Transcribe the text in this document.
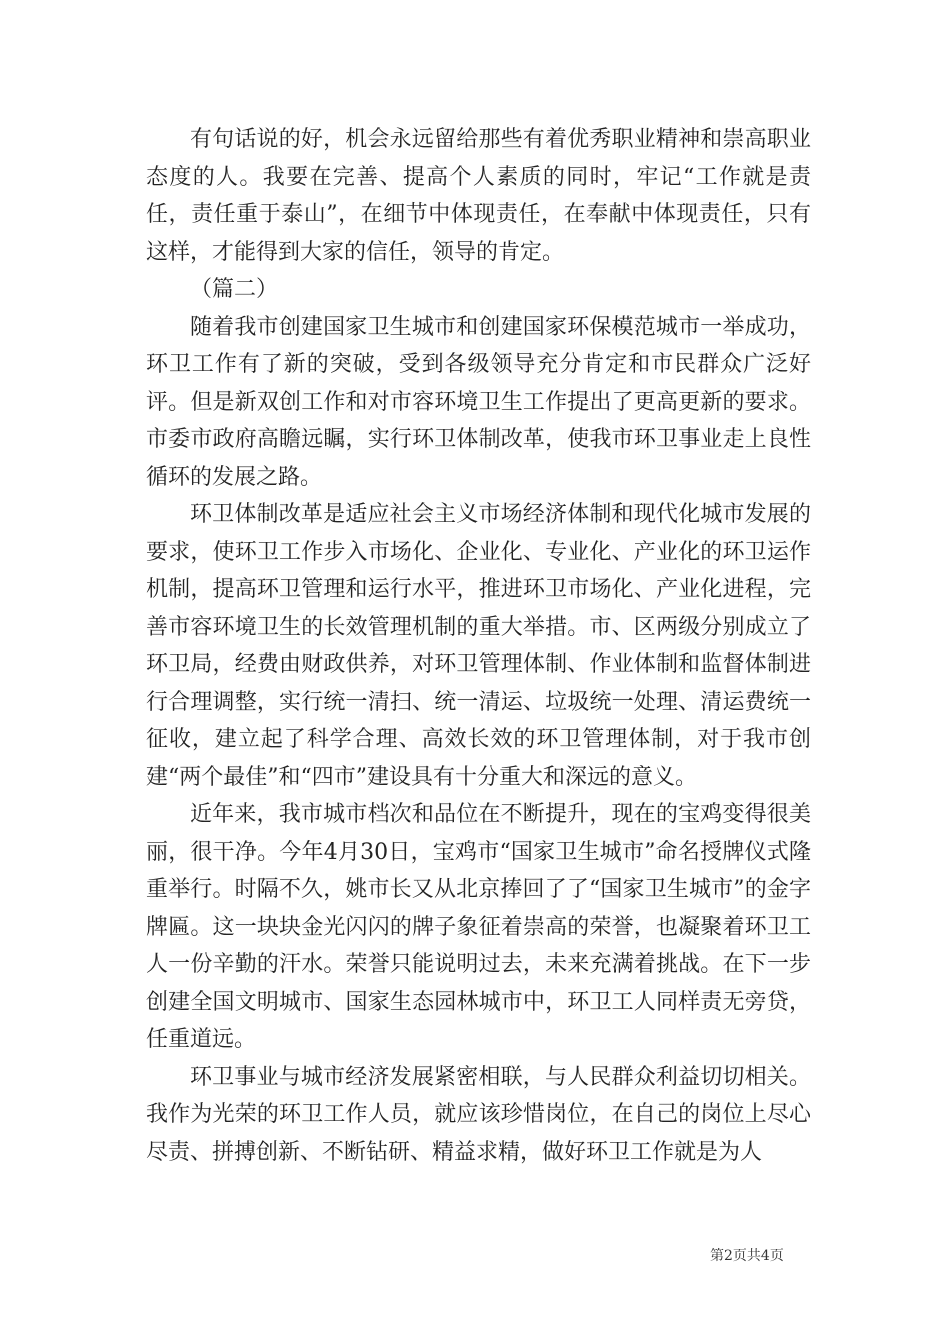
有句话说的好，机会永远留给那些有着优秀职业精神和崇高职业态度的人。我要在完善、提高个人素质的同时，牢记“工作就是责任，责任重于泰山”，在细节中体现责任，在奉献中体现责任，只有这样，才能得到大家的信任，领导的肯定。

（篇二）

随着我市创建国家卫生城市和创建国家环保模范城市一举成功，环卫工作有了新的突破，受到各级领导充分肯定和市民群众广泛好评。但是新双创工作和对市容环境卫生工作提出了更高更新的要求。市委市政府高瞻远瞩，实行环卫体制改革，使我市环卫事业走上良性循环的发展之路。

环卫体制改革是适应社会主义市场经济体制和现代化城市发展的要求，使环卫工作步入市场化、企业化、专业化、产业化的环卫运作机制，提高环卫管理和运行水平，推进环卫市场化、产业化进程，完善市容环境卫生的长效管理机制的重大举措。市、区两级分别成立了环卫局，经费由财政供养，对环卫管理体制、作业体制和监督体制进行合理调整，实行统一清扫、统一清运、垃圾统一处理、清运费统一征收，建立起了科学合理、高效长效的环卫管理体制，对于我市创建“两个最佳”和“四市”建设具有十分重大和深远的意义。

近年来，我市城市档次和品位在不断提升，现在的宝鸡变得很美丽，很干净。今年4月30日，宝鸡市“国家卫生城市”命名授牌仪式隆重举行。时隔不久，姚市长又从北京捧回了了“国家卫生城市”的金字牌匾。这一块块金光闪闪的牌子象征着崇高的荣誉，也凝聚着环卫工人一份辛勤的汗水。荣誉只能说明过去，未来充满着挑战。在下一步创建全国文明城市、国家生态园林城市中，环卫工人同样责无旁贷，任重道远。

环卫事业与城市经济发展紧密相联，与人民群众利益切切相关。我作为光荣的环卫工作人员，就应该珍惜岗位，在自己的岗位上尽心尽责、拼搏创新、不断钻研、精益求精，做好环卫工作就是为人

第2页共4页
